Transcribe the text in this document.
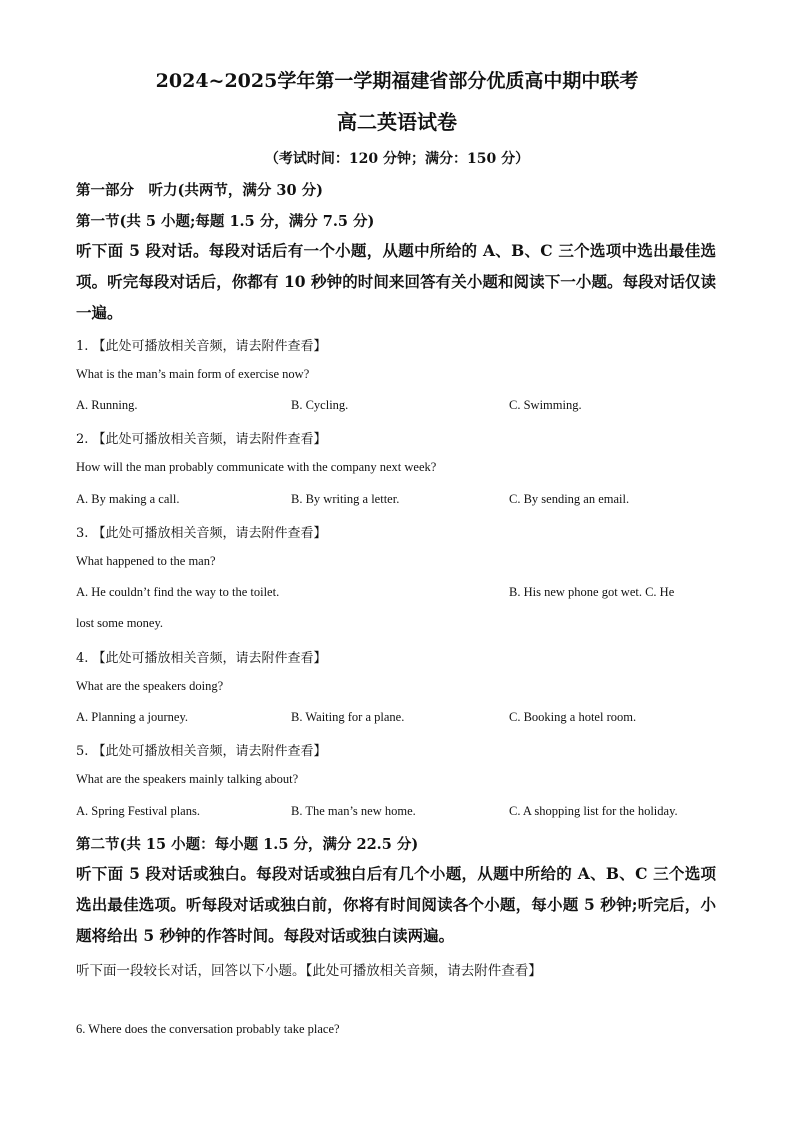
2024~2025学年第一学期福建省部分优质高中期中联考
高二英语试卷
（考试时间：120 分钟；满分：150 分）
第一部分　听力(共两节，满分 30 分)
第一节(共 5 小题;每题 1.5 分，满分 7.5 分)
听下面 5 段对话。每段对话后有一个小题，从题中所给的 A、B、C 三个选项中选出最佳选项。听完每段对话后，你都有 10 秒钟的时间来回答有关小题和阅读下一小题。每段对话仅读一遍。
1. 【此处可播放相关音频，请去附件查看】
What is the man’s main form of exercise now?
A. Running.	B. Cycling.	C. Swimming.
2. 【此处可播放相关音频，请去附件查看】
How will the man probably communicate with the company next week?
A. By making a call.	B. By writing a letter.	C. By sending an email.
3. 【此处可播放相关音频，请去附件查看】
What happened to the man?
A. He couldn’t find the way to the toilet.	B. His new phone got wet. C. He
lost some money.
4. 【此处可播放相关音频，请去附件查看】
What are the speakers doing?
A. Planning a journey.	B. Waiting for a plane.	C. Booking a hotel room.
5. 【此处可播放相关音频，请去附件查看】
What are the speakers mainly talking about?
A. Spring Festival plans.	B. The man’s new home.	C. A shopping list for the holiday.
第二节(共 15 小题：每小题 1.5 分，满分 22.5 分)
听下面 5 段对话或独白。每段对话或独白后有几个小题，从题中所给的 A、B、C 三个选项选出最佳选项。听每段对话或独白前，你将有时间阅读各个小题，每小题 5 秒钟;听完后，小题将给出 5 秒钟的作答时间。每段对话或独白读两遍。
听下面一段较长对话，回答以下小题。【此处可播放相关音频，请去附件查看】
6. Where does the conversation probably take place?
